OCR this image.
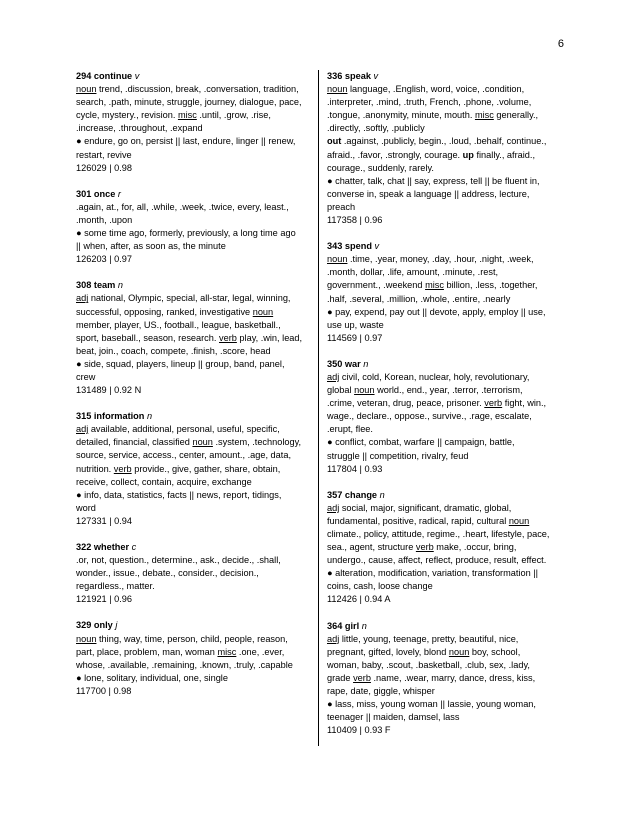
6
294 continue v
noun trend, .discussion, break, .conversation, tradition,
search, .path, minute, struggle, journey, dialogue, pace,
cycle, mystery., revision. misc .until, .grow, .rise,
.increase, .throughout, .expand
● endure, go on, persist || last, endure, linger || renew,
restart, revive
126029 | 0.98
301 once r
.again, at., for, all, .while, .week, .twice, every, least.,
.month, .upon
● some time ago, formerly, previously, a long time ago
|| when, after, as soon as, the minute
126203 | 0.97
308 team n
adj national, Olympic, special, all-star, legal, winning,
successful, opposing, ranked, investigative noun
member, player, US., football., league, basketball.,
sport, baseball., season, research. verb play, .win, lead,
beat, join., coach, compete, .finish, .score, head
● side, squad, players, lineup || group, band, panel,
crew
131489 | 0.92 N
315 information n
adj available, additional, personal, useful, specific,
detailed, financial, classified noun .system, .technology,
source, service, access., center, amount., .age, data,
nutrition. verb provide., give, gather, share, obtain,
receive, collect, contain, acquire, exchange
● info, data, statistics, facts || news, report, tidings,
word
127331 | 0.94
322 whether c
.or, not, question., determine., ask., decide., .shall,
wonder., issue., debate., consider., decision.,
regardless., matter.
121921 | 0.96
329 only j
noun thing, way, time, person, child, people, reason,
part, place, problem, man, woman misc .one, .ever,
whose, .available, .remaining, .known, .truly, .capable
● lone, solitary, individual, one, single
117700 | 0.98
336 speak v
noun language, .English, word, voice, .condition,
.interpreter, .mind, .truth, French, .phone, .volume,
.tongue, .anonymity, minute, mouth. misc generally.,
.directly, .softly, .publicly
out .against, .publicly, begin., .loud, .behalf, continue.,
afraid., .favor, .strongly, courage. up finally., afraid.,
courage., suddenly, rarely.
● chatter, talk, chat || say, express, tell || be fluent in,
converse in, speak a language || address, lecture,
preach
117358 | 0.96
343 spend v
noun .time, .year, money, .day, .hour, .night, .week,
.month, dollar, .life, amount, .minute, .rest,
government., .weekend misc billion, .less, .together,
.half, .several, .million, .whole, .entire, .nearly
● pay, expend, pay out || devote, apply, employ || use,
use up, waste
114569 | 0.97
350 war n
adj civil, cold, Korean, nuclear, holy, revolutionary,
global noun world., end., year, .terror, .terrorism,
.crime, veteran, drug, peace, prisoner. verb fight, win.,
wage., declare., oppose., survive., .rage, escalate,
.erupt, flee.
● conflict, combat, warfare || campaign, battle,
struggle || competition, rivalry, feud
117804 | 0.93
357 change n
adj social, major, significant, dramatic, global,
fundamental, positive, radical, rapid, cultural noun
climate., policy, attitude, regime., .heart, lifestyle, pace,
sea., agent, structure verb make, .occur, bring,
undergo., cause, affect, reflect, produce, result, effect.
● alteration, modification, variation, transformation ||
coins, cash, loose change
112426 | 0.94 A
364 girl n
adj little, young, teenage, pretty, beautiful, nice,
pregnant, gifted, lovely, blond noun boy, school,
woman, baby, .scout, .basketball, .club, sex, .lady,
grade verb .name, .wear, marry, dance, dress, kiss,
rape, date, giggle, whisper
● lass, miss, young woman || lassie, young woman,
teenager || maiden, damsel, lass
110409 | 0.93 F
